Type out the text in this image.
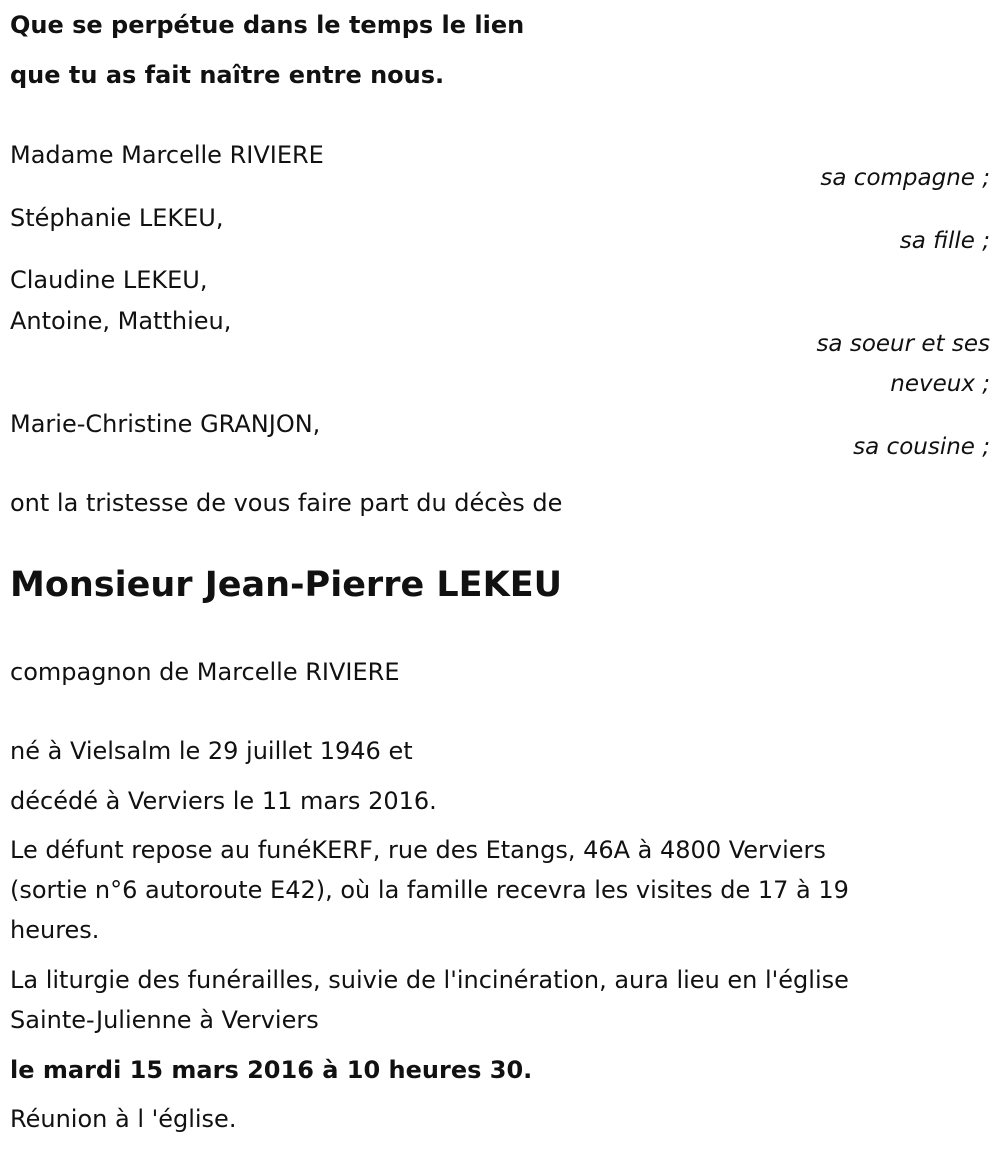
Que se perpétue dans le temps le lien
que tu as fait naître entre nous.
Madame Marcelle RIVIERE
sa compagne ;
Stéphanie LEKEU,
sa fille ;
Claudine LEKEU,
Antoine, Matthieu,
sa soeur et ses
neveux ;
Marie-Christine GRANJON,
sa cousine ;
ont la tristesse de vous faire part du décès de
Monsieur Jean-Pierre LEKEU
compagnon de Marcelle RIVIERE
né à Vielsalm le 29 juillet 1946 et
décédé à Verviers le 11 mars 2016.
Le défunt repose au funéKERF, rue des Etangs, 46A à 4800 Verviers
(sortie n°6 autoroute E42), où la famille recevra les visites de 17 à 19
heures.
La liturgie des funérailles, suivie de l'incinération, aura lieu en l'église
Sainte-Julienne à Verviers
le mardi 15 mars 2016 à 10 heures 30.
Réunion à l 'église.
